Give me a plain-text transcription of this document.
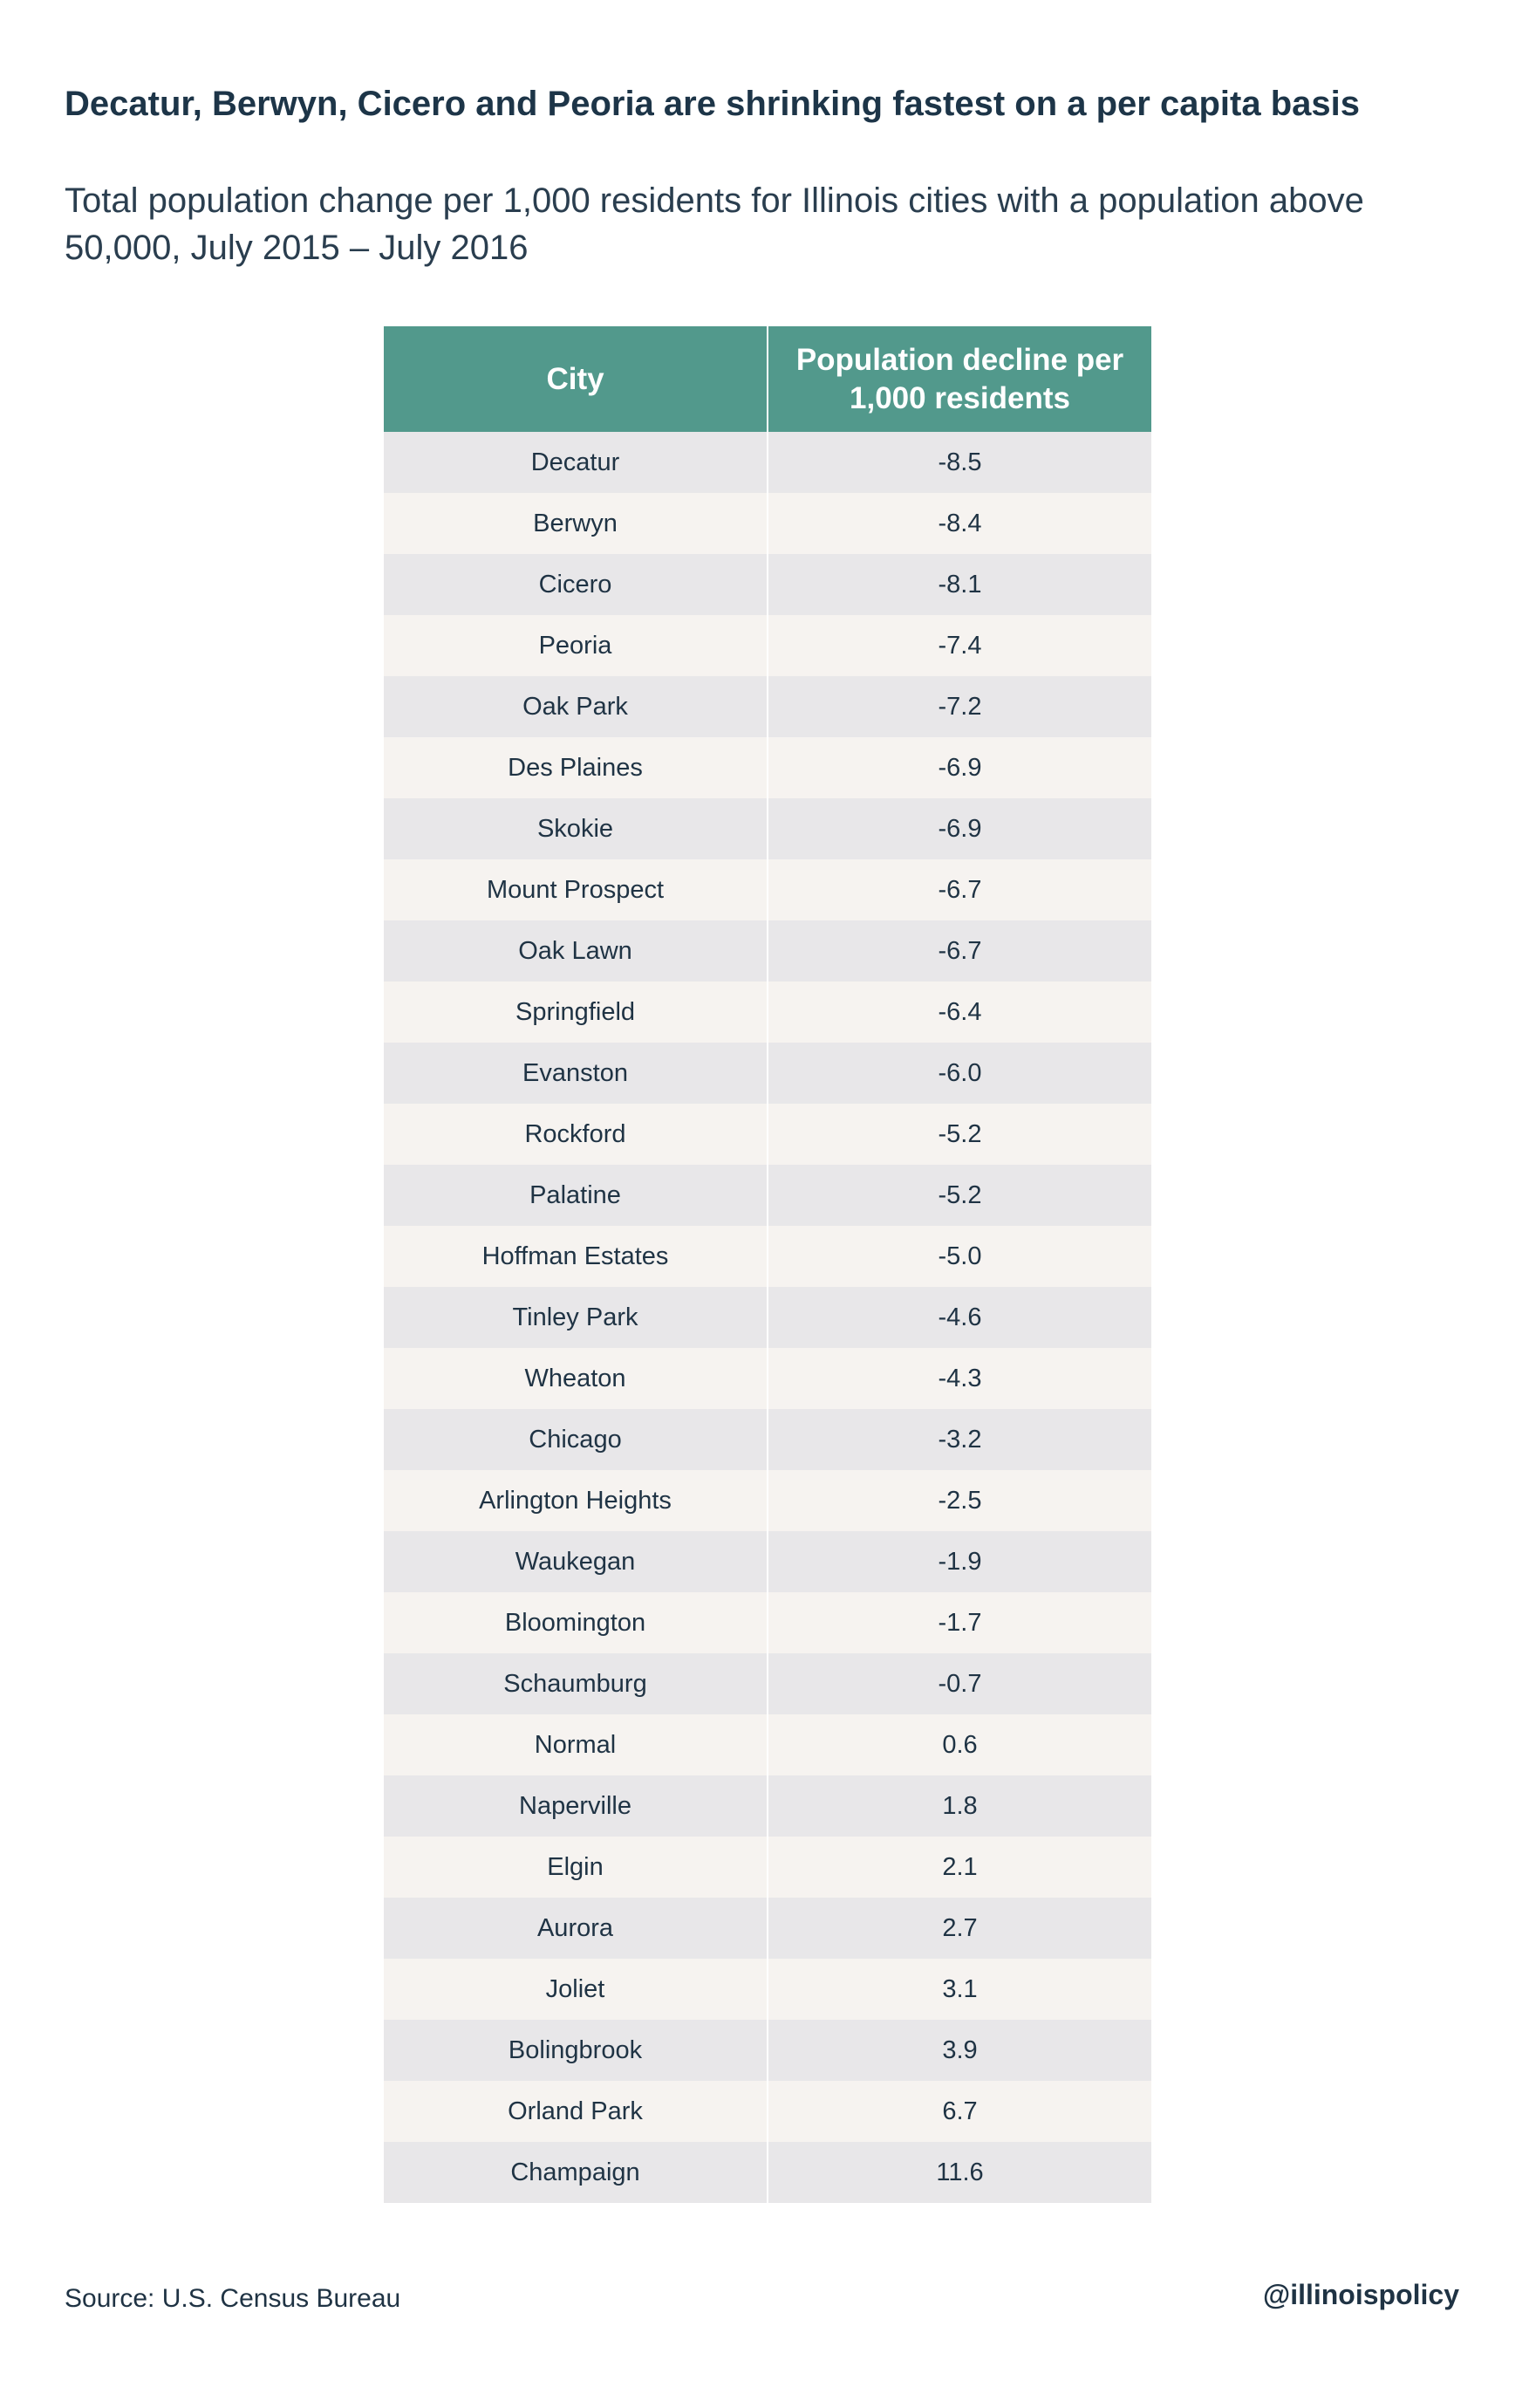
Decatur, Berwyn, Cicero and Peoria are shrinking fastest on a per capita basis

Total population change per 1,000 residents for Illinois cities with a population above 50,000, July 2015 – July 2016

City	Population decline per 1,000 residents
Decatur	-8.5
Berwyn	-8.4
Cicero	-8.1
Peoria	-7.4
Oak Park	-7.2
Des Plaines	-6.9
Skokie	-6.9
Mount Prospect	-6.7
Oak Lawn	-6.7
Springfield	-6.4
Evanston	-6.0
Rockford	-5.2
Palatine	-5.2
Hoffman Estates	-5.0
Tinley Park	-4.6
Wheaton	-4.3
Chicago	-3.2
Arlington Heights	-2.5
Waukegan	-1.9
Bloomington	-1.7
Schaumburg	-0.7
Normal	0.6
Naperville	1.8
Elgin	2.1
Aurora	2.7
Joliet	3.1
Bolingbrook	3.9
Orland Park	6.7
Champaign	11.6
Source: U.S. Census Bureau	@illinoispolicy
